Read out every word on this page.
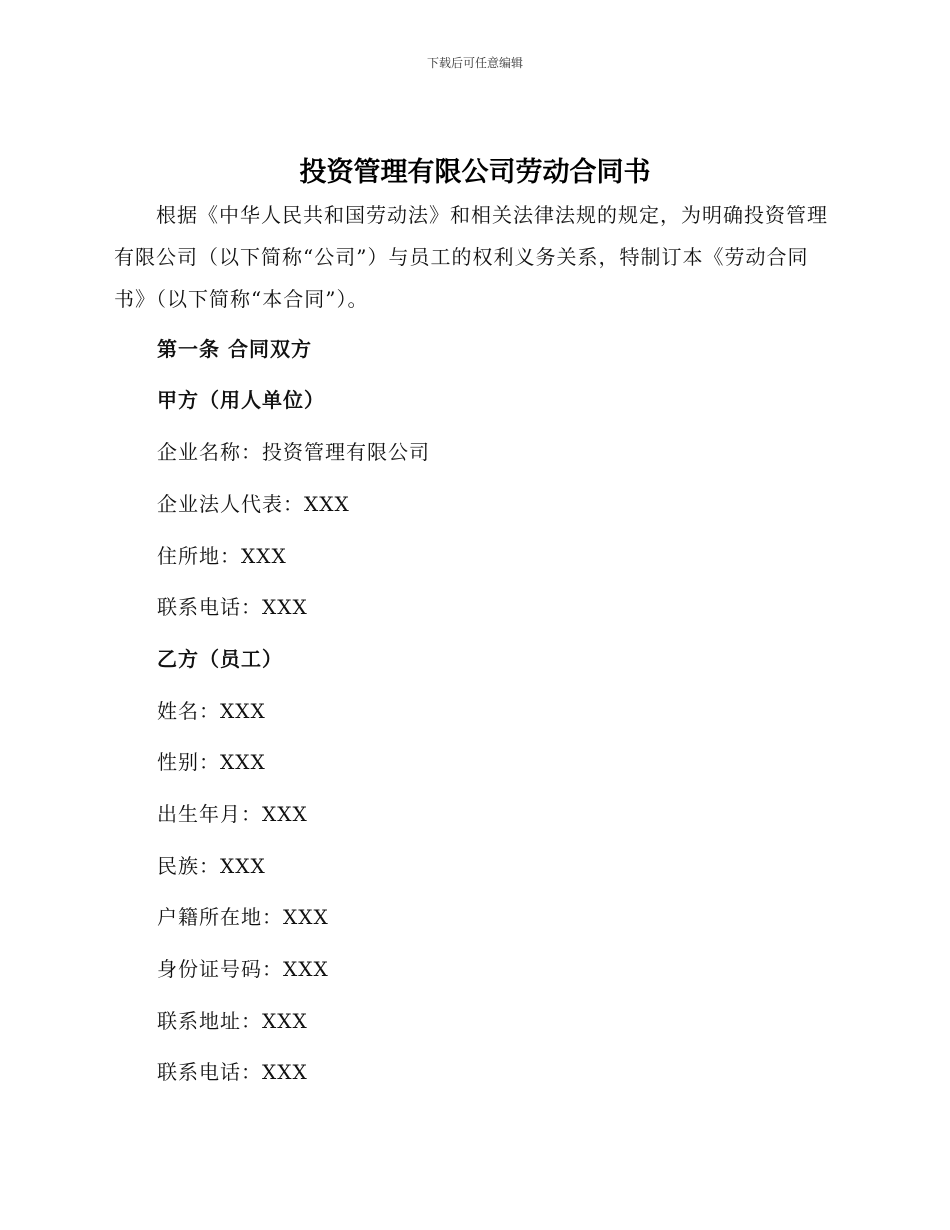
下载后可任意编辑
投资管理有限公司劳动合同书

根据《中华人民共和国劳动法》和相关法律法规的规定，为明确投资管理有限公司（以下简称“公司”）与员工的权利义务关系，特制订本《劳动合同书》（以下简称“本合同”）。

第一条 合同双方
甲方（用人单位）
企业名称：投资管理有限公司
企业法人代表：XXX
住所地：XXX
联系电话：XXX
乙方（员工）
姓名：XXX
性别：XXX
出生年月：XXX
民族：XXX
户籍所在地：XXX
身份证号码：XXX
联系地址：XXX
联系电话：XXX
